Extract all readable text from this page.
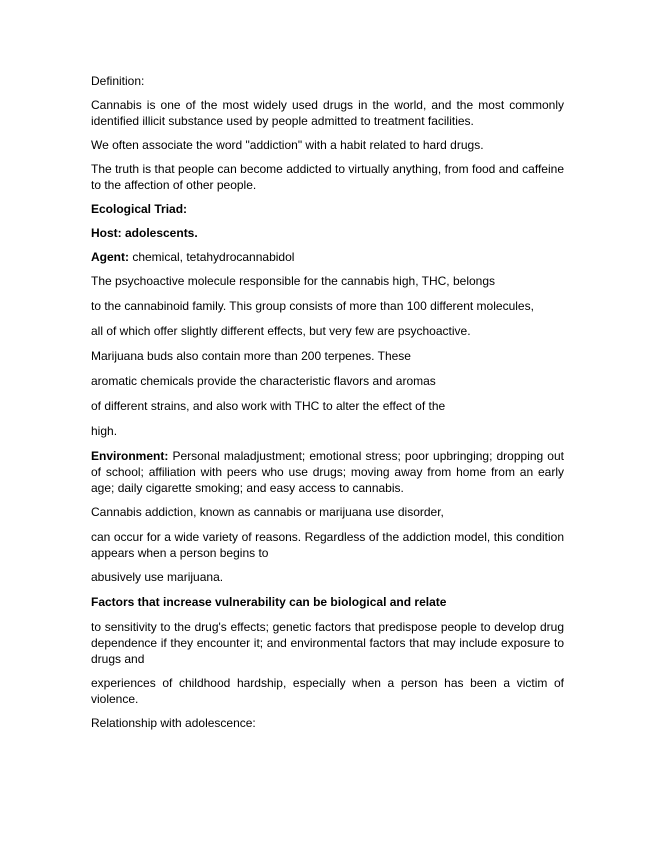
Definition:

Cannabis is one of the most widely used drugs in the world, and the most commonly identified illicit substance used by people admitted to treatment facilities.

We often associate the word "addiction" with a habit related to hard drugs.

The truth is that people can become addicted to virtually anything, from food and caffeine to the affection of other people.

Ecological Triad:

Host: adolescents.

Agent: chemical, tetahydrocannabidol

The psychoactive molecule responsible for the cannabis high, THC, belongs

to the cannabinoid family. This group consists of more than 100 different molecules,

all of which offer slightly different effects, but very few are psychoactive.

Marijuana buds also contain more than 200 terpenes. These

aromatic chemicals provide the characteristic flavors and aromas

of different strains, and also work with THC to alter the effect of the

high.

Environment: Personal maladjustment; emotional stress; poor upbringing; dropping out of school; affiliation with peers who use drugs; moving away from home from an early age; daily cigarette smoking; and easy access to cannabis.

Cannabis addiction, known as cannabis or marijuana use disorder,

can occur for a wide variety of reasons. Regardless of the addiction model, this condition appears when a person begins to

abusively use marijuana.

Factors that increase vulnerability can be biological and relate

to sensitivity to the drug's effects; genetic factors that predispose people to develop drug dependence if they encounter it; and environmental factors that may include exposure to drugs and

experiences of childhood hardship, especially when a person has been a victim of violence.

Relationship with adolescence:
